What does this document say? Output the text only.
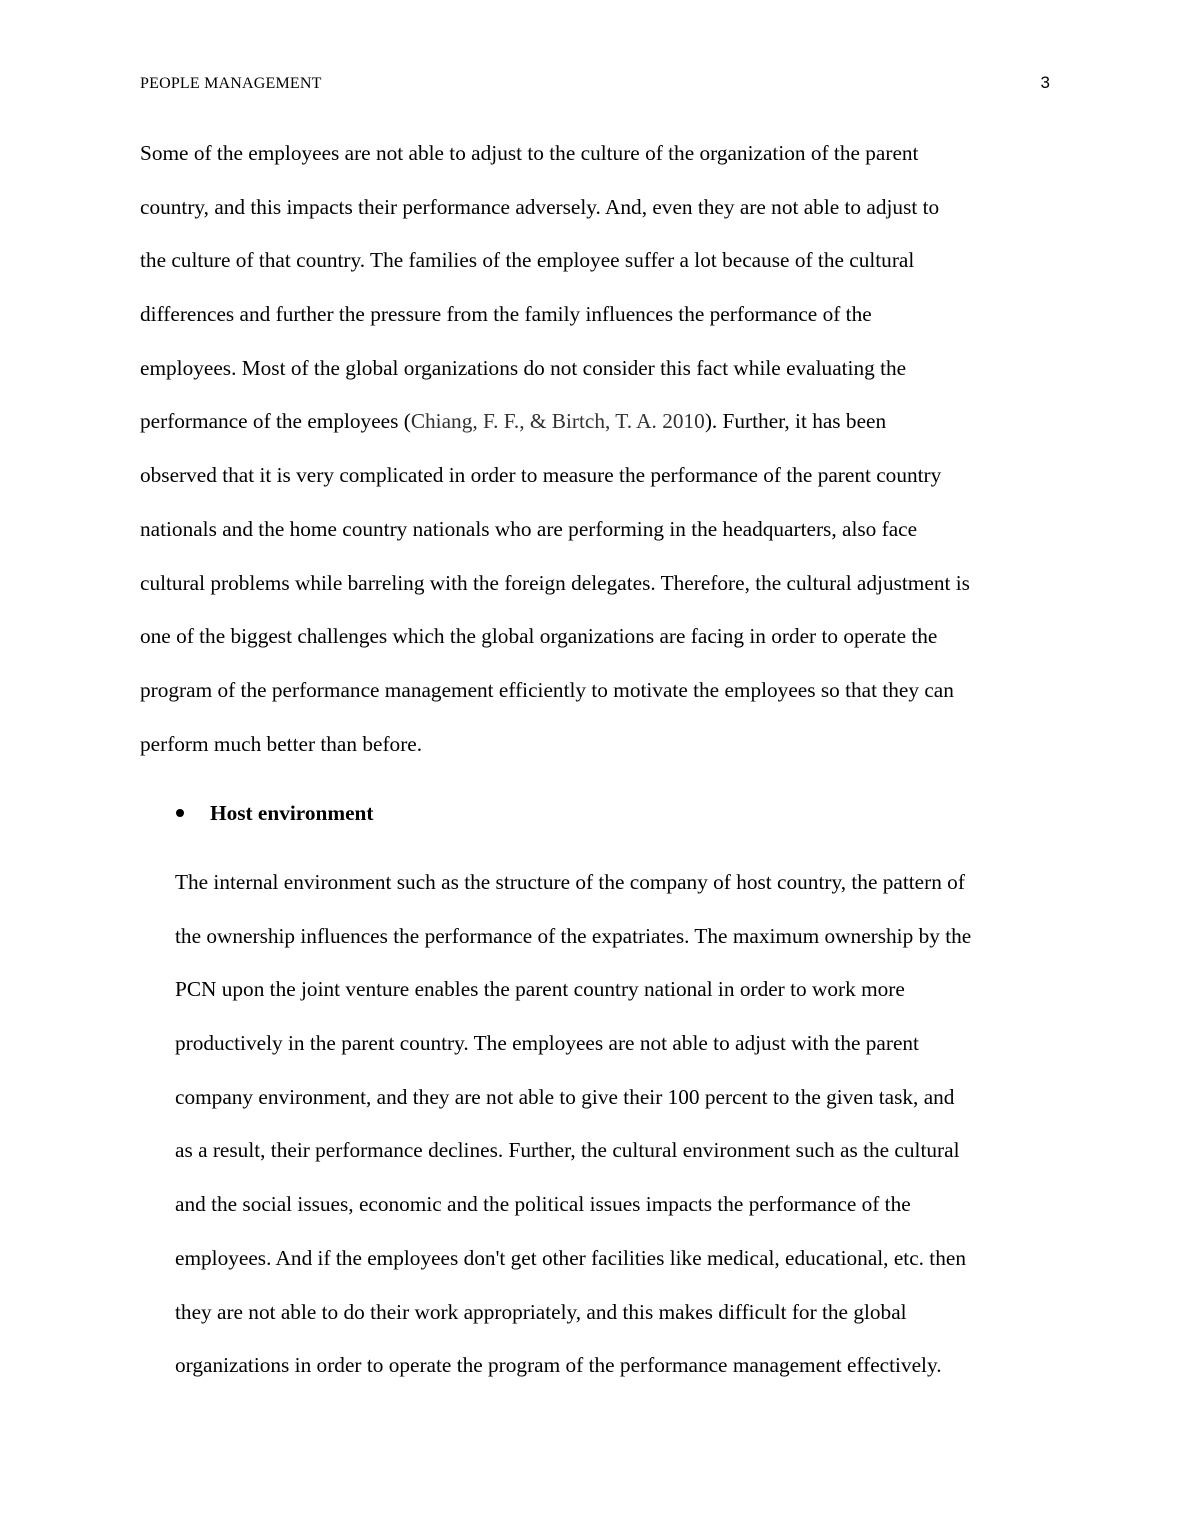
PEOPLE MANAGEMENT	3

Some of the employees are not able to adjust to the culture of the organization of the parent
country, and this impacts their performance adversely. And, even they are not able to adjust to
the culture of that country. The families of the employee suffer a lot because of the cultural
differences and further the pressure from the family influences the performance of the
employees. Most of the global organizations do not consider this fact while evaluating the
performance of the employees (Chiang, F. F., & Birtch, T. A. 2010). Further, it has been
observed that it is very complicated in order to measure the performance of the parent country
nationals and the home country nationals who are performing in the headquarters, also face
cultural problems while barreling with the foreign delegates. Therefore, the cultural adjustment is
one of the biggest challenges which the global organizations are facing in order to operate the
program of the performance management efficiently to motivate the employees so that they can
perform much better than before.

Host environment

The internal environment such as the structure of the company of host country, the pattern of
the ownership influences the performance of the expatriates. The maximum ownership by the
PCN upon the joint venture enables the parent country national in order to work more
productively in the parent country. The employees are not able to adjust with the parent
company environment, and they are not able to give their 100 percent to the given task, and
as a result, their performance declines. Further, the cultural environment such as the cultural
and the social issues, economic and the political issues impacts the performance of the
employees. And if the employees don't get other facilities like medical, educational, etc. then
they are not able to do their work appropriately, and this makes difficult for the global
organizations in order to operate the program of the performance management effectively.
